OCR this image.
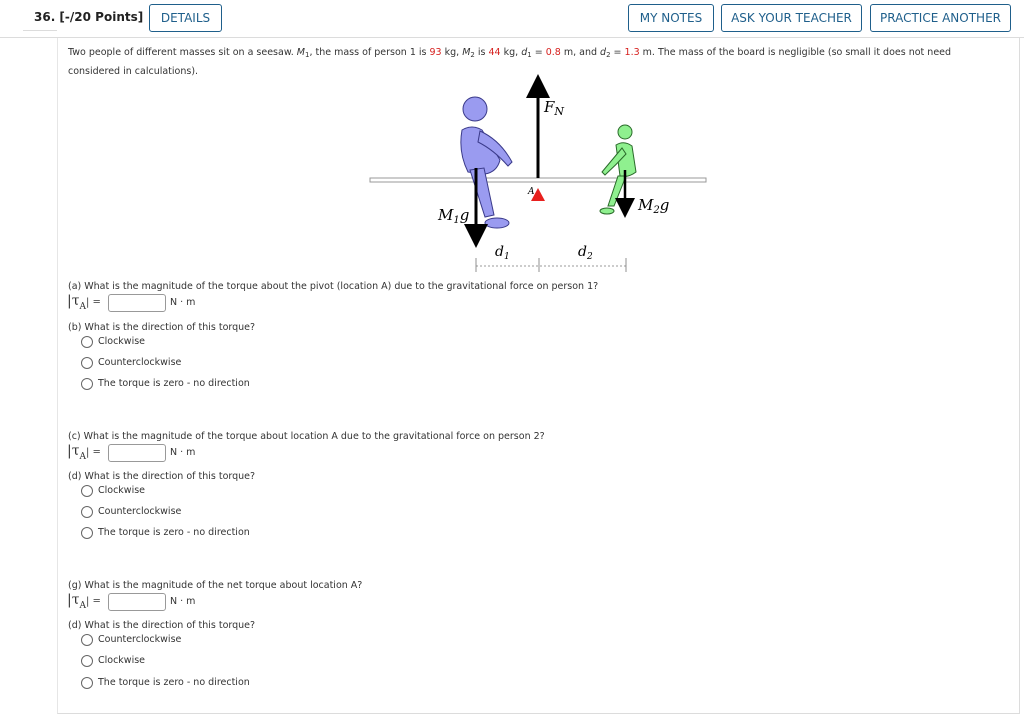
36. [-/20 Points]	DETAILS	MY NOTES	ASK YOUR TEACHER	PRACTICE ANOTHER
Two people of different masses sit on a seesaw. $M_1$, the mass of person 1 is 93 kg, $M_2$ is 44 kg, $d_1 = 0.8$ m, and $d_2 = 1.3$ m. The mass of the board is negligible (so small it does not need
considered in calculations).
$F_N$
A
$M_1g$
$M_2g$
$d_1$	$d_2$
(a) What is the magnitude of the torque about the pivot (location A) due to the gravitational force on person 1?
$|\tau_A|$ =	N · m
(b) What is the direction of this torque?
Clockwise
Counterclockwise
The torque is zero - no direction
(c) What is the magnitude of the torque about location A due to the gravitational force on person 2?
$|\tau_A|$ =	N · m
(d) What is the direction of this torque?
Clockwise
Counterclockwise
The torque is zero - no direction
(g) What is the magnitude of the net torque about location A?
$|\tau_A|$ =	N · m
(d) What is the direction of this torque?
Counterclockwise
Clockwise
The torque is zero - no direction
